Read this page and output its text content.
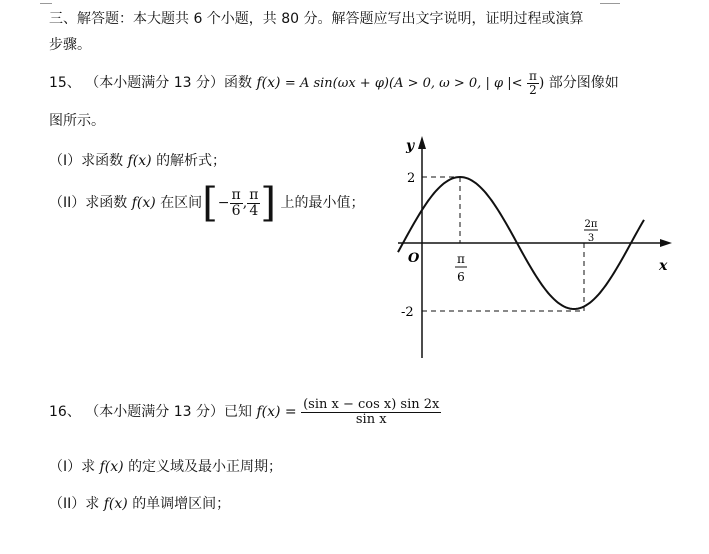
三、解答题：本大题共 6 个小题，共 80 分。解答题应写出文字说明，证明过程或演算
步骤。
15、 （本小题满分 13 分）函数 f(x) = A sin(ωx + φ)(A > 0, ω > 0, | φ |< $\frac{\pi}{2}$ ) 部分图像如
图所示。
（I）求函数 f(x) 的解析式；
（II）求函数 f(x) 在区间[− $\frac{\pi}{6}$ , $\frac{\pi}{4}$ ] 上的最小值；
y
x
O
2
-2
π
6
2π
3
16、 （本小题满分 13 分）已知 $f(x) = \frac{\text{(sin x − cos x) sin 2x}}{\text{sin x}}$
（I）求 f(x) 的定义域及最小正周期；
（II）求 f(x) 的单调增区间；
